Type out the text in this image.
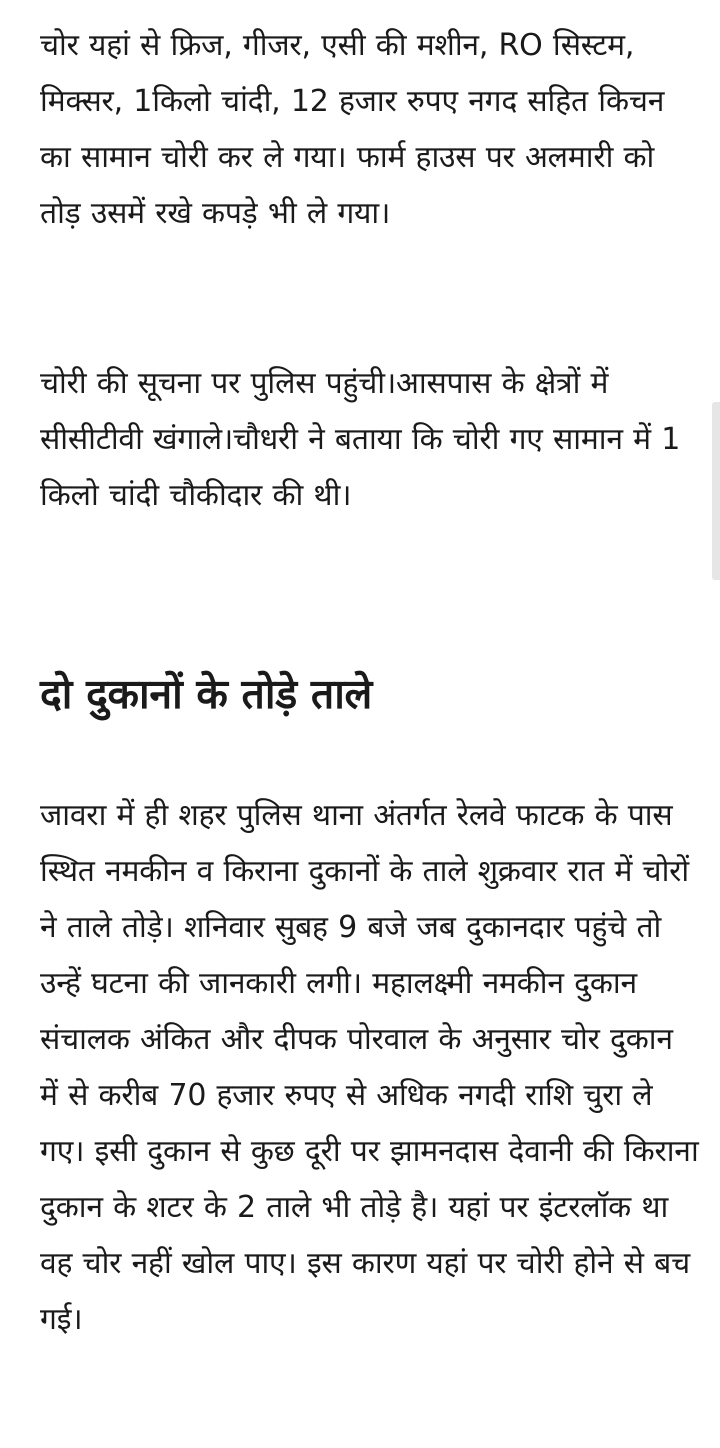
चोर यहां से फ्रिज, गीजर, एसी की मशीन, RO सिस्टम, मिक्सर, 1किलो चांदी, 12 हजार रुपए नगद सहित किचन का सामान चोरी कर ले गया। फार्म हाउस पर अलमारी को तोड़ उसमें रखे कपड़े भी ले गया।

चोरी की सूचना पर पुलिस पहुंची।आसपास के क्षेत्रों में सीसीटीवी खंगाले।चौधरी ने बताया कि चोरी गए सामान में 1 किलो चांदी चौकीदार की थी।

दो दुकानों के तोड़े ताले

जावरा में ही शहर पुलिस थाना अंतर्गत रेलवे फाटक के पास स्थित नमकीन व किराना दुकानों के ताले शुक्रवार रात में चोरों ने ताले तोड़े। शनिवार सुबह 9 बजे जब दुकानदार पहुंचे तो उन्हें घटना की जानकारी लगी। महालक्ष्मी नमकीन दुकान संचालक अंकित और दीपक पोरवाल के अनुसार चोर दुकान में से करीब 70 हजार रुपए से अधिक नगदी राशि चुरा ले गए। इसी दुकान से कुछ दूरी पर झामनदास देवानी की किराना दुकान के शटर के 2 ताले भी तोड़े है। यहां पर इंटरलॉक था वह चोर नहीं खोल पाए। इस कारण यहां पर चोरी होने से बच गई।
